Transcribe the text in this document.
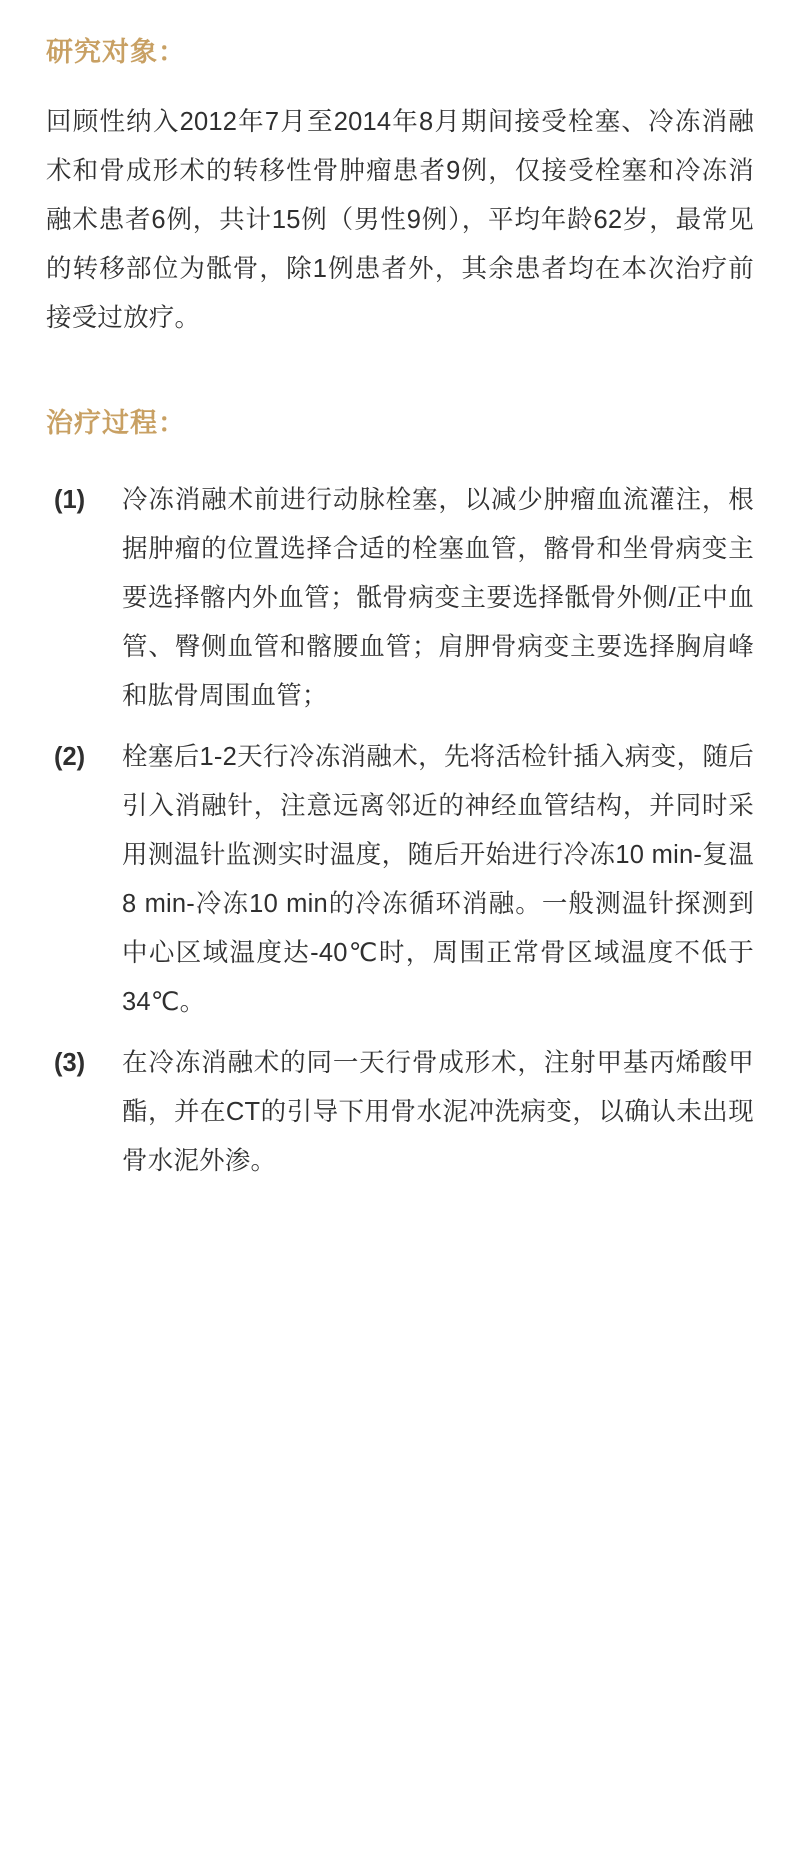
研究对象：

回顾性纳入2012年7月至2014年8月期间接受栓塞、冷冻消融术和骨成形术的转移性骨肿瘤患者9例，仅接受栓塞和冷冻消融术患者6例，共计15例（男性9例），平均年龄62岁，最常见的转移部位为骶骨，除1例患者外，其余患者均在本次治疗前接受过放疗。

治疗过程：
(1)	冷冻消融术前进行动脉栓塞，以减少肿瘤血流灌注，根据肿瘤的位置选择合适的栓塞血管，髂骨和坐骨病变主要选择髂内外血管；骶骨病变主要选择骶骨外侧/正中血管、臀侧血管和髂腰血管；肩胛骨病变主要选择胸肩峰和肱骨周围血管；
(2)	栓塞后1-2天行冷冻消融术，先将活检针插入病变，随后引入消融针，注意远离邻近的神经血管结构，并同时采用测温针监测实时温度，随后开始进行冷冻10 min-复温8 min-冷冻10 min的冷冻循环消融。一般测温针探测到中心区域温度达-40℃时，周围正常骨区域温度不低于34℃。
(3)	在冷冻消融术的同一天行骨成形术，注射甲基丙烯酸甲酯，并在CT的引导下用骨水泥冲洗病变，以确认未出现骨水泥外渗。
